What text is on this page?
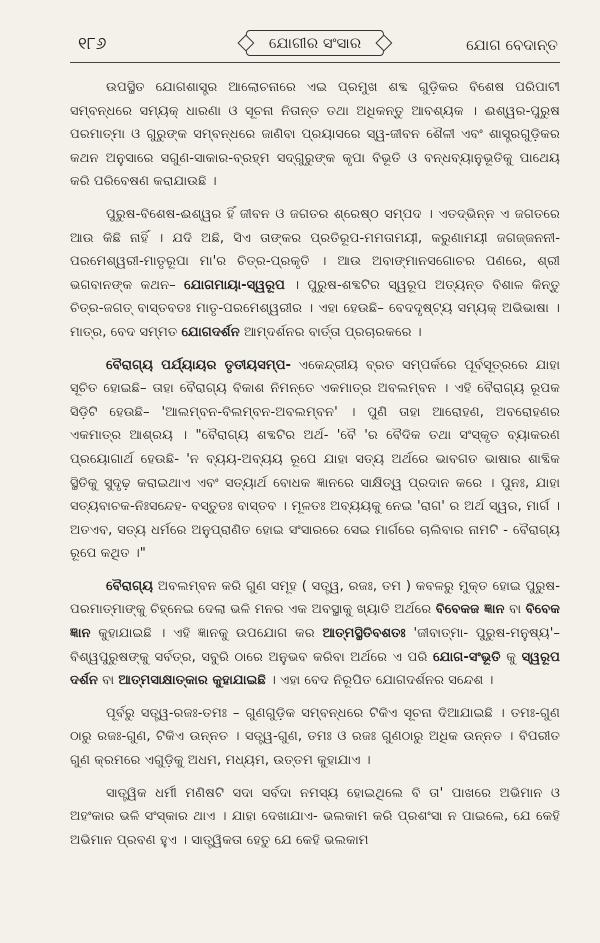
୧୮୬	ଯୋଗୀର ସଂସାର	ଯୋଗ ବେଦାନ୍ତ

ଉପସ୍ଥିତ ଯୋଗଶାସ୍ତ୍ର ଆଲୋଚନାରେ ଏଇ ପ୍ରମୁଖ ଶବ୍ଦ ଗୁଡ଼ିକର ବିଶେଷ ପରିପାଟୀ ସମ୍ବନ୍ଧରେ ସମ୍ୟକ୍ ଧାରଣା ଓ ସୂଚନା ନିତାନ୍ତ ତଥା ଅଧିକନ୍ତୁ ଆବଶ୍ୟକ । ଈଶ୍ୱର-ପୁରୁଷ ପରମାତ୍ମା ଓ ଗୁରୁଙ୍କ ସମ୍ବନ୍ଧରେ ଜାଣିବା ପ୍ରୟାସରେ ସ୍ୱ-ଜୀବନ ଶୈଳୀ ଏବଂ ଶାସ୍ତ୍ରଗୁଡ଼ିକର କଥନ ଅନୁସାରେ ସଗୁଣ-ସାକାର-ବ୍ରହ୍ମ ସଦ୍‌ଗୁରୁଙ୍କ କୃପା ବିଭୂତି ଓ ବନ୍ଧବ୍ୟାନୁଭୂତିକୁ ପାଥେୟ କରି ପରିବେଷଣ କରାଯାଉଛି ।

ପୁରୁଷ-ବିଶେଷ-ଈଶ୍ୱର ହିଁ ଜୀବନ ଓ ଜଗତର ଶ୍ରେଷ୍ଠ ସମ୍ପଦ । ଏତଦ୍‌ଭିନ୍ନ ଏ ଜଗତରେ ଆଉ କିଛି ନାହିଁ । ଯଦି ଅଛି, ସିଏ ତାଙ୍କର ପ୍ରତିରୂପ-ମମତାମୟୀ, କରୁଣାମୟୀ ଜଗଜ୍ଜନନୀ-ପରମେଶ୍ୱରୀ-ମାତୃରୂପା ମା'ର ଚିତ୍ର-ପ୍ରକୃତି । ଆଉ ଅବାଙ୍ମାନସଗୋଚର ପଣରେ, ଶ୍ରୀ ଭଗବାନଙ୍କ କଥନ– ଯୋଗମାୟା-ସ୍ୱରୂପ । ପୁରୁଷ-ଶବ୍ଦଟିର ସ୍ୱରୂପ ଅତ୍ୟନ୍ତ ବିଶାଳ କିନ୍ତୁ ଚିତ୍ର-ଜଗତ୍ ବାସ୍ତବତଃ ମାତୃ-ପରମେଶ୍ୱରୀର । ଏହା ହେଉଛି– ବେଦଦୃଷ୍ଟ୍ୟ ସମ୍ୟକ୍ ଅଭିଭାଷା । ମାତ୍ର, ବେଦ ସମ୍ମତ ଯୋଗଦର୍ଶନ ଆମ୍‌ଦର୍ଶନର ବାର୍ତ୍ତା ପ୍ରଚାରକରେ ।

ବୈରାଗ୍ୟ ପର୍ଯ୍ୟାୟର ତୃତୀୟସମ୍ପ- ଏକେନ୍ଦ୍ରୀୟ ବ୍ରତ ସମ୍ପର୍କରେ ପୂର୍ବସୂତ୍ରରେ ଯାହା ସୂଚିତ ହୋଇଛି– ତାହା ବୈରାଗ୍ୟ ବିକାଶ ନିମନ୍ତେ ଏକମାତ୍ର ଅବଲମ୍ବନ । ଏହି ବୈରାଗ୍ୟ ରୂପକ ସିଡ଼ିଟି ହେଉଛି– 'ଆଲମ୍ବନ-ବିଲମ୍ବନ-ଅବଲମ୍ବନ' । ପୁଣି ତାହା ଆରୋହଣ, ଅବରୋହଣର ଏକମାତ୍ର ଆଶ୍ରୟ । "ବୈରାଗ୍ୟ ଶବ୍ଦଟିର ଅର୍ଥ- 'ବୈ 'ର ବୈଦିକ ତଥା ସଂସ୍କୃତ ବ୍ୟାକରଣ ପ୍ରୟୋଗାର୍ଥ ହେଉଛି- 'ନ ବ୍ୟୟ-ଅବ୍ୟୟ ରୂପେ ଯାହା ସତ୍ୟ ଅର୍ଥରେ ଭାବଗତ ଭାଷାର ଶାବ୍ଦିକ ସ୍ଥିତିକୁ ସୁଦୃଢ଼ କରାଇଥାଏ ଏବଂ ସତ୍ୟାର୍ଥ ବୋଧକ ଜ୍ଞାନରେ ସାକ୍ଷିତ୍ୱ ପ୍ରଦାନ କରେ । ପୁନଃ, ଯାହା ସତ୍ୟବାଚକ-ନିଃସନ୍ଦେହ- ବସ୍ତୁତଃ ବାସ୍ତବ । ମୂଳତଃ ଅବ୍ୟୟକୁ ନେଇ 'ରାଗ' ର ଅର୍ଥ ସ୍ୱର, ମାର୍ଗ । ଅତଏବ, ସତ୍ୟ ଧର୍ମରେ ଅନୁପ୍ରାଣିତ ହୋଇ ସଂସାରରେ ସେଇ ମାର୍ଗରେ ଚାଲିବାର ନାମଟି - ବୈରାଗ୍ୟ ରୂପେ କଥିତ ।"

ବୈରାଗ୍ୟ ଅବଲମ୍ବନ କରି ଗୁଣ ସମୂହ ( ସତ୍ତ୍ୱ, ରଜଃ, ତମ ) କବଳରୁ ମୁକ୍ତ ହୋଇ ପୁରୁଷ-ପରମାତ୍ମାଙ୍କୁ ଚିହ୍ନେଇ ଦେଲା ଭଳି ମନର ଏକ ଅବସ୍ଥାକୁ ଖ୍ୟାତି ଅର୍ଥରେ ବିବେକଜ ଜ୍ଞାନ ବା ବିବେକ ଜ୍ଞାନ କୁହାଯାଇଛି । ଏହି ଜ୍ଞାନକୁ ଉପଯୋଗ କର ଆତ୍ମସ୍ଥିତିବଶତଃ 'ଜୀବାତ୍ମା- ପୁରୁଷ-ମନୁଷ୍ୟ'– ବିଶ୍ୱପୁରୁଷଙ୍କୁ ସର୍ବତ୍ର, ସବୁରି ଠାରେ ଅନୁଭବ କରିବା ଅର୍ଥରେ ଏ ପରି ଯୋଗ-ସଂଭୂତି କୁ ସ୍ୱରୂପ ଦର୍ଶନ ବା ଆତ୍ମସାକ୍ଷାତ୍କାର କୁହାଯାଇଛି । ଏହା ବେଦ ନିରୂପିତ ଯୋଗଦର୍ଶନର ସନ୍ଦେଶ ।

ପୂର୍ବରୁ ସତ୍ତ୍ୱ-ରଜଃ-ତମଃ – ଗୁଣଗୁଡ଼ିକ ସମ୍ବନ୍ଧରେ ଟିକିଏ ସୂଚନା ଦିଆଯାଇଛି । ତମଃ-ଗୁଣ ଠାରୁ ରଜଃ-ଗୁଣ, ଟିକିଏ ଉନ୍ନତ । ସତ୍ତ୍ୱ-ଗୁଣ, ତମଃ ଓ ରଜଃ ଗୁଣଠାରୁ ଅଧିକ ଉନ୍ନତ । ବିପରୀତ ଗୁଣ କ୍ରମରେ ଏଗୁଡ଼ିକୁ ଅଧମ, ମଧ୍ୟମ, ଉତ୍ତମ କୁହାଯାଏ ।

ସାତ୍ତ୍ୱିକ ଧର୍ମୀ ମଣିଷଟି ସଦା ସର୍ବଦା ନମସ୍ୟ ହୋଇଥିଲେ ବି ତା' ପାଖରେ ଅଭିମାନ ଓ ଅହଂକାର ଭଳି ସଂସ୍କାର ଥାଏ । ଯାହା ଦେଖାଯାଏ- ଭଲକାମ କରି ପ୍ରଶଂସା ନ ପାଇଲେ, ଯେ କେହି ଅଭିମାନ ପ୍ରବଣ ହୁଏ । ସାତ୍ତ୍ୱିକତା ହେତୁ ଯେ କେହି ଭଲକାମ
